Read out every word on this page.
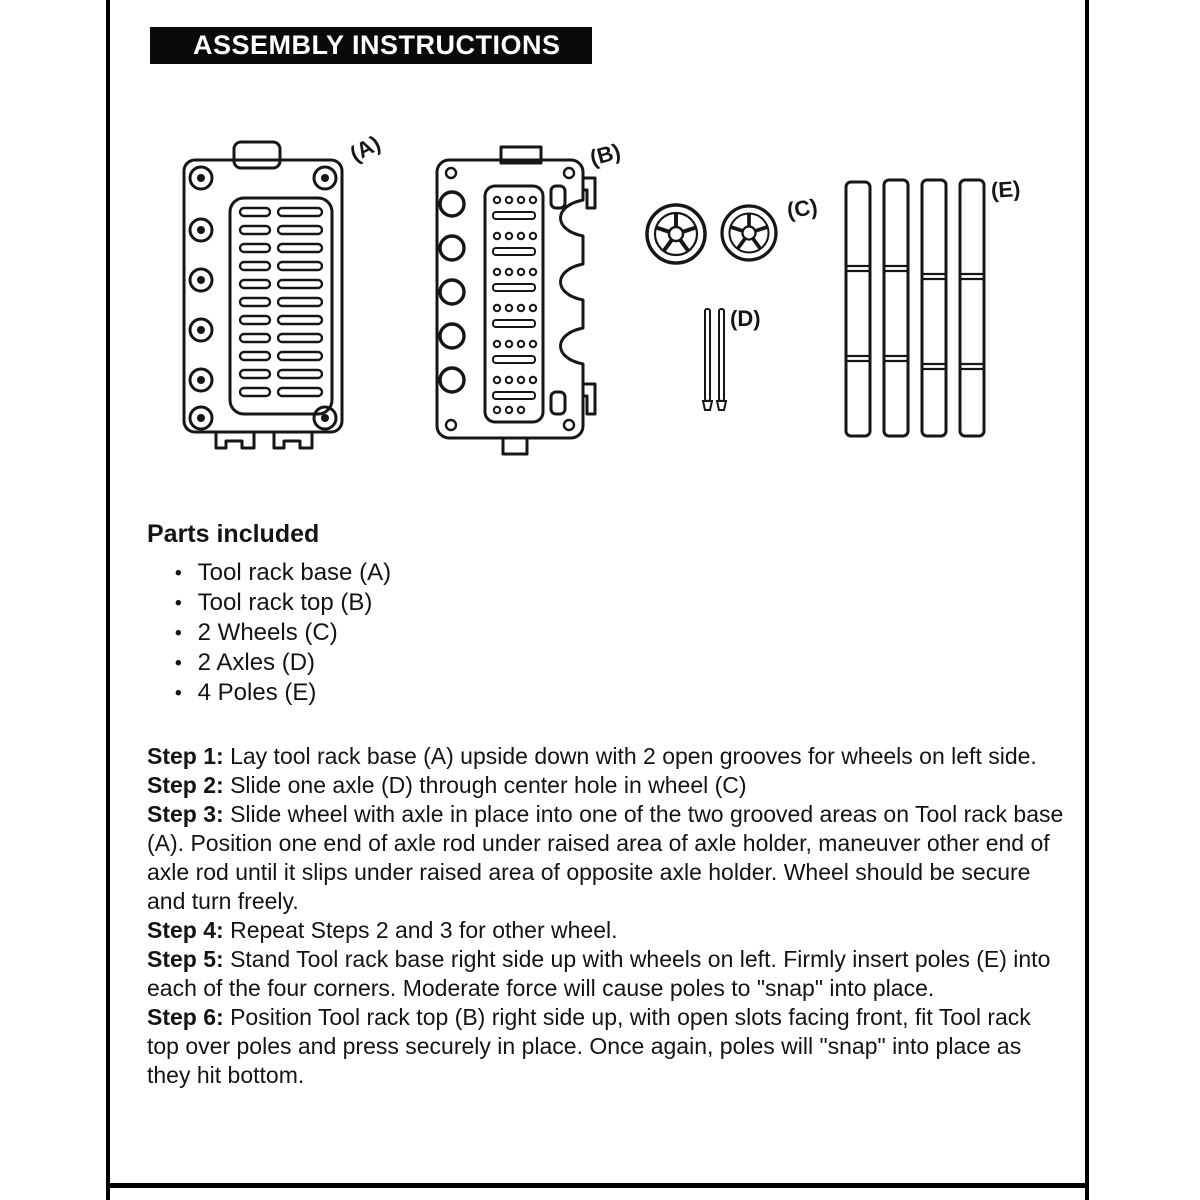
ASSEMBLY INSTRUCTIONS
(A)	(B)
(C)
(D)
(E)
Parts included
• Tool rack base (A)
• Tool rack top (B)
• 2 Wheels (C)
• 2 Axles (D)
• 4 Poles (E)

Step 1: Lay tool rack base (A) upside down with 2 open grooves for wheels on left side.

Step 2: Slide one axle (D) through center hole in wheel (C)

Step 3: Slide wheel with axle in place into one of the two grooved areas on Tool rack base (A). Position one end of axle rod under raised area of axle holder, maneuver other end of axle rod until it slips under raised area of opposite axle holder. Wheel should be secure and turn freely.

Step 4: Repeat Steps 2 and 3 for other wheel.

Step 5: Stand Tool rack base right side up with wheels on left. Firmly insert poles (E) into each of the four corners. Moderate force will cause poles to "snap" into place.

Step 6: Position Tool rack top (B) right side up, with open slots facing front, fit Tool rack top over poles and press securely in place. Once again, poles will "snap" into place as they hit bottom.
